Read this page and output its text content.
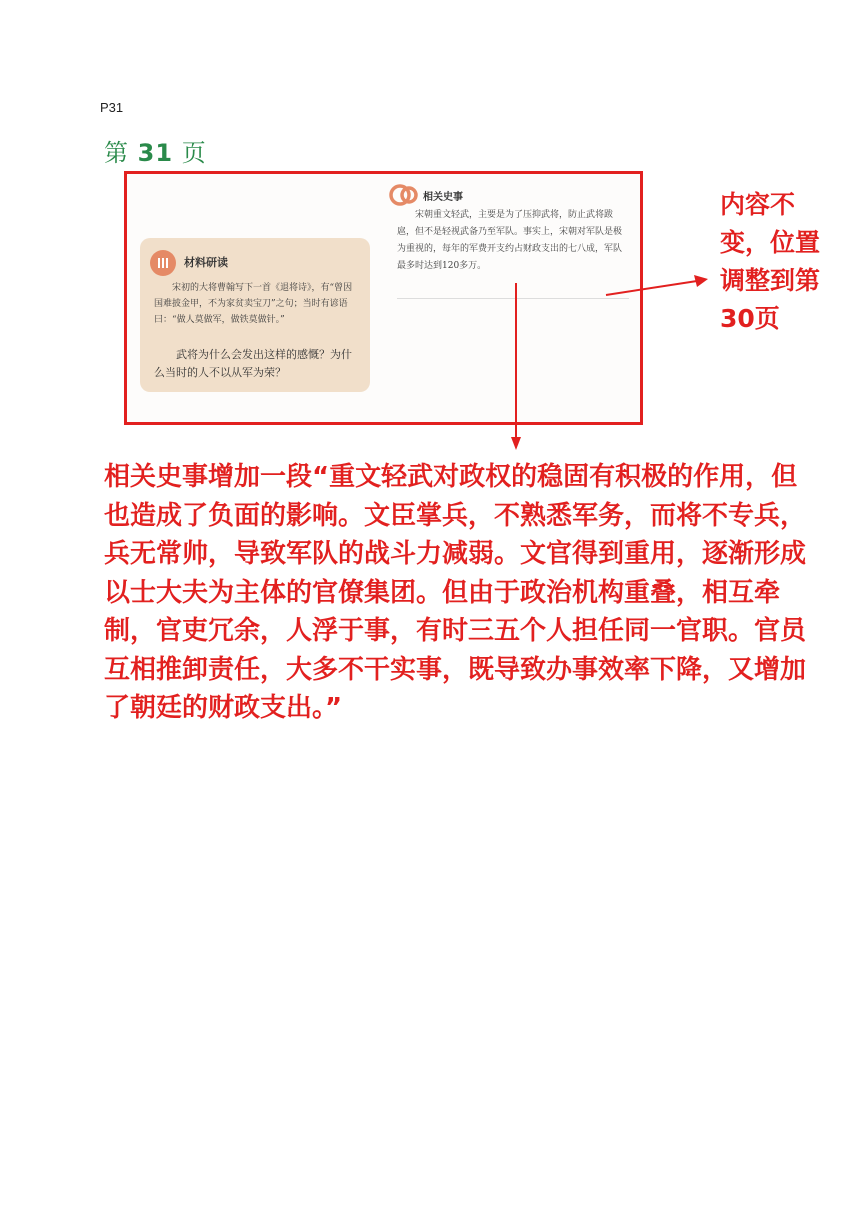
P31
第 31 页
材料研读
宋初的大将曹翰写下一首《退将诗》，有“曾因国难披金甲，不为家贫卖宝刀”之句；当时有谚语曰：“做人莫做军，做铁莫做针。”
武将为什么会发出这样的感慨？为什么当时的人不以从军为荣？
相关史事
宋朝重文轻武，主要是为了压抑武将，防止武将跋扈，但不是轻视武备乃至军队。事实上，宋朝对军队是极为重视的，每年的军费开支约占财政支出的七八成，军队最多时达到120多万。
内容不变，位置调整到第30页
相关史事增加一段“重文轻武对政权的稳固有积极的作用，但也造成了负面的影响。文臣掌兵，不熟悉军务，而将不专兵，兵无常帅，导致军队的战斗力减弱。文官得到重用，逐渐形成以士大夫为主体的官僚集团。但由于政治机构重叠，相互牵制，官吏冗余，人浮于事，有时三五个人担任同一官职。官员互相推卸责任，大多不干实事，既导致办事效率下降，又增加了朝廷的财政支出。”
